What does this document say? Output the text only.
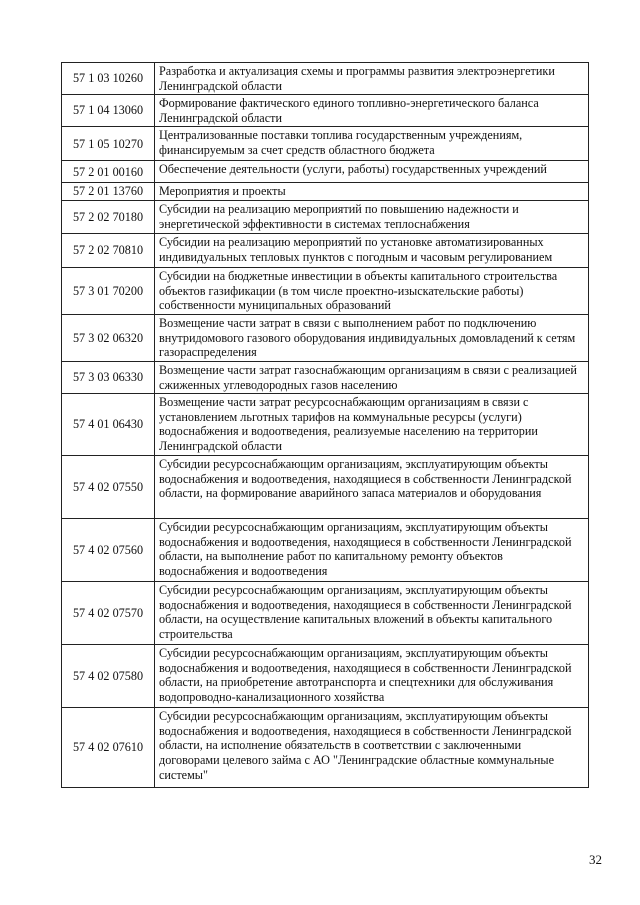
57 1 03 10260	Разработка и актуализация схемы и программы развития электроэнергетики Ленинградской области
57 1 04 13060	Формирование фактического единого топливно-энергетического баланса Ленинградской области
57 1 05 10270	Централизованные поставки топлива государственным учреждениям, финансируемым за счет средств областного бюджета
57 2 01 00160	Обеспечение деятельности (услуги, работы) государственных учреждений
57 2 01 13760	Мероприятия и проекты
57 2 02 70180	Субсидии на реализацию мероприятий по повышению надежности и энергетической эффективности в системах теплоснабжения
57 2 02 70810	Субсидии на реализацию мероприятий по установке автоматизированных индивидуальных тепловых пунктов с погодным и часовым регулированием
57 3 01 70200	Субсидии на бюджетные инвестиции в объекты капитального строительства объектов газификации (в том числе проектно-изыскательские работы) собственности муниципальных образований
57 3 02 06320	Возмещение части затрат в связи с выполнением работ по подключению внутридомового газового оборудования индивидуальных домовладений к сетям газораспределения
57 3 03 06330	Возмещение части затрат газоснабжающим организациям в связи с реализацией сжиженных углеводородных газов населению
57 4 01 06430	Возмещение части затрат ресурсоснабжающим организациям в связи с установлением льготных тарифов на коммунальные ресурсы (услуги) водоснабжения и водоотведения, реализуемые населению на территории Ленинградской области
57 4 02 07550	Субсидии ресурсоснабжающим организациям, эксплуатирующим объекты водоснабжения и водоотведения, находящиеся в собственности Ленинградской области, на формирование аварийного запаса материалов и оборудования
57 4 02 07560	Субсидии ресурсоснабжающим организациям, эксплуатирующим объекты водоснабжения и водоотведения, находящиеся в собственности Ленинградской области, на выполнение работ по капитальному ремонту объектов водоснабжения и водоотведения
57 4 02 07570	Субсидии ресурсоснабжающим организациям, эксплуатирующим объекты водоснабжения и водоотведения, находящиеся в собственности Ленинградской области, на осуществление капитальных вложений в объекты капитального строительства
57 4 02 07580	Субсидии ресурсоснабжающим организациям, эксплуатирующим объекты водоснабжения и водоотведения, находящиеся в собственности Ленинградской области, на приобретение автотранспорта и спецтехники для обслуживания водопроводно-канализационного хозяйства
57 4 02 07610	Субсидии ресурсоснабжающим организациям, эксплуатирующим объекты водоснабжения и водоотведения, находящиеся в собственности Ленинградской области, на исполнение обязательств в соответствии с заключенными договорами целевого займа с АО "Ленинградские областные коммунальные системы"
32
